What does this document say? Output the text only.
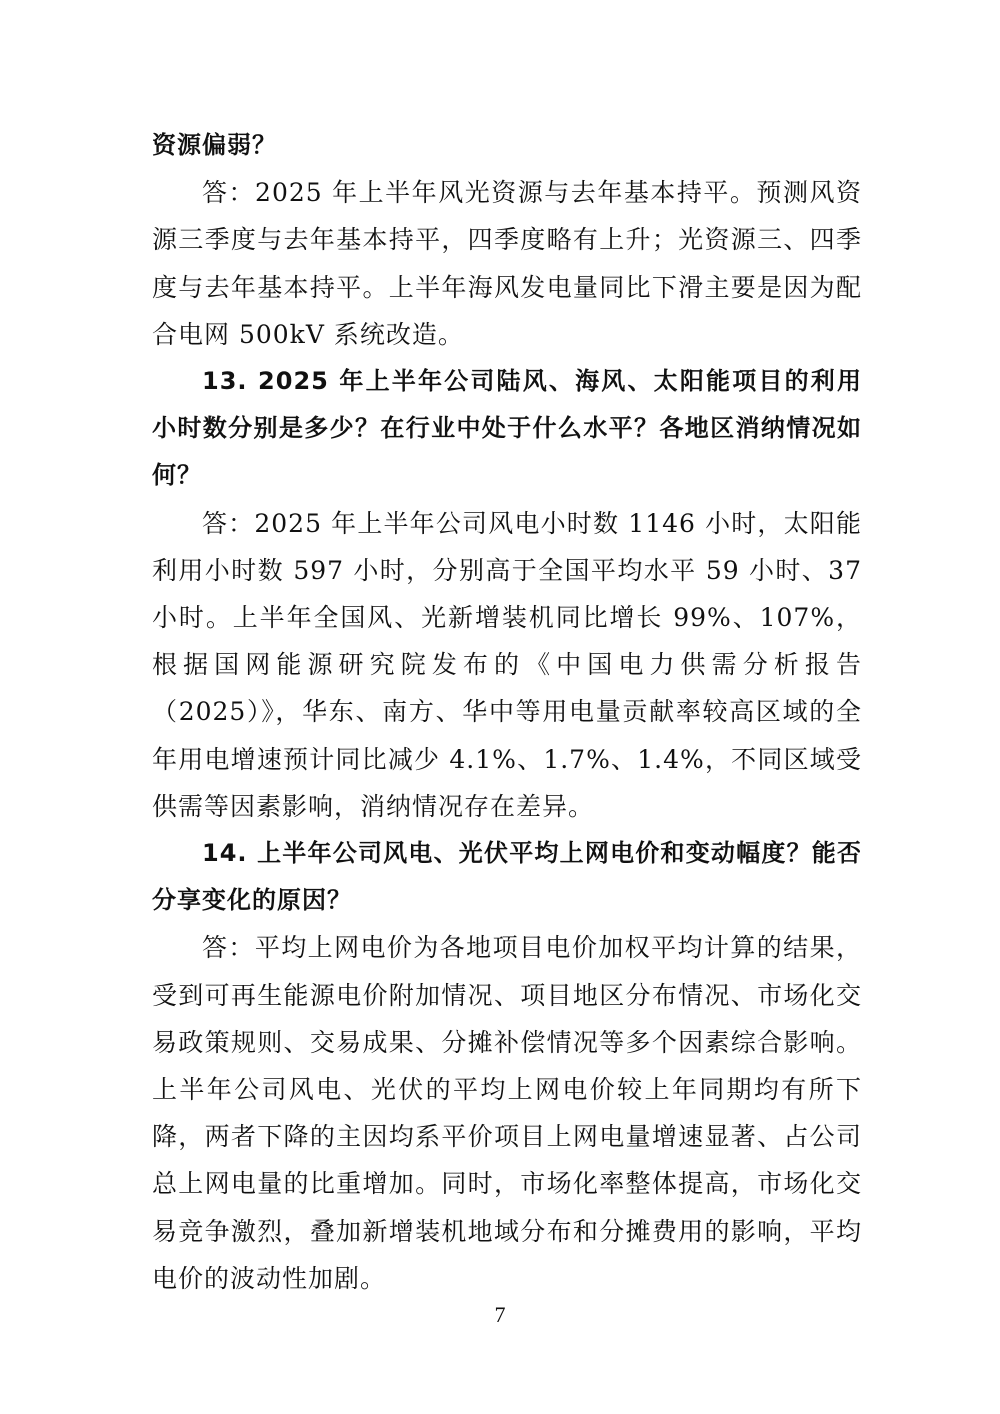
资源偏弱？

答：2025 年上半年风光资源与去年基本持平。预测风资源三季度与去年基本持平，四季度略有上升；光资源三、四季度与去年基本持平。上半年海风发电量同比下滑主要是因为配合电网 500kV 系统改造。

13. 2025 年上半年公司陆风、海风、太阳能项目的利用小时数分别是多少？在行业中处于什么水平？各地区消纳情况如何？

答：2025 年上半年公司风电小时数 1146 小时，太阳能利用小时数 597 小时，分别高于全国平均水平 59 小时、37 小时。上半年全国风、光新增装机同比增长 99%、107%，根据国网能源研究院发布的《中国电力供需分析报告（2025）》，华东、南方、华中等用电量贡献率较高区域的全年用电增速预计同比减少 4.1%、1.7%、1.4%，不同区域受供需等因素影响，消纳情况存在差异。

14. 上半年公司风电、光伏平均上网电价和变动幅度？能否分享变化的原因？

答：平均上网电价为各地项目电价加权平均计算的结果，受到可再生能源电价附加情况、项目地区分布情况、市场化交易政策规则、交易成果、分摊补偿情况等多个因素综合影响。上半年公司风电、光伏的平均上网电价较上年同期均有所下降，两者下降的主因均系平价项目上网电量增速显著、占公司总上网电量的比重增加。同时，市场化率整体提高，市场化交易竞争激烈，叠加新增装机地域分布和分摊费用的影响，平均电价的波动性加剧。

7
